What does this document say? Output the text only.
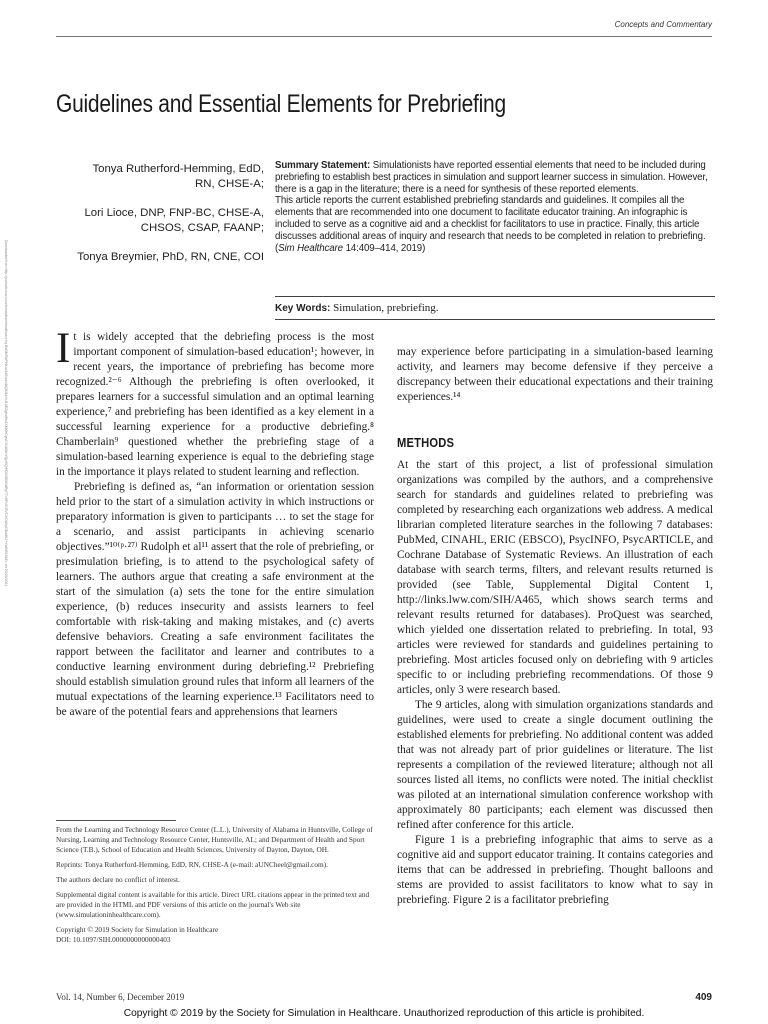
Concepts and Commentary
Guidelines and Essential Elements for Prebriefing
Tonya Rutherford-Hemming, EdD,
RN, CHSE-A;
Lori Lioce, DNP, FNP-BC, CHSE-A,
CHSOS, CSAP, FAANP;
Tonya Breymier, PhD, RN, CNE, COI

Summary Statement: Simulationists have reported essential elements that need to be included during prebriefing to establish best practices in simulation and support learner success in simulation. However, there is a gap in the literature; there is a need for synthesis of these reported elements.

This article reports the current established prebriefing standards and guidelines. It compiles all the elements that are recommended into one document to facilitate educator training. An infographic is included to serve as a cognitive aid and a checklist for facilitators to use in practice. Finally, this article discusses additional areas of inquiry and research that needs to be completed in relation to prebriefing.

(Sim Healthcare 14:409–414, 2019)

Key Words: Simulation, prebriefing.
Downloaded from http://journals.lww.com/simulationinhealthcare by BhDMf5ePHKav1zEoum1tQfN4a+kJLhEZgbsIHo4XMi0hCywCX1AWnYQp/IlQrHD3i3D0OdRyi7TvSFl4Cf3VC4/OAVpDDa8K2+Ya6H515kE= on 03/20/2021 It is widely accepted that the debriefing process is the most important component of simulation-based education¹; however, in recent years, the importance of prebriefing has become more recognized.²⁻⁶ Although the prebriefing is often overlooked, it prepares learners for a successful simulation and an optimal learning experience,⁷ and prebriefing has been identified as a key element in a successful learning experience for a productive debriefing.⁸ Chamberlain⁹ questioned whether the prebriefing stage of a simulation-based learning experience is equal to the debriefing stage in the importance it plays related to student learning and reflection.

Prebriefing is defined as, “an information or orientation session held prior to the start of a simulation activity in which instructions or preparatory information is given to participants … to set the stage for a scenario, and assist participants in achieving scenario objectives.”¹⁰⁽ᵖ·²⁷⁾ Rudolph et al¹¹ assert that the role of prebriefing, or presimulation briefing, is to attend to the psychological safety of learners. The authors argue that creating a safe environment at the start of the simulation (a) sets the tone for the entire simulation experience, (b) reduces insecurity and assists learners to feel comfortable with risk-taking and making mistakes, and (c) averts defensive behaviors. Creating a safe environment facilitates the rapport between the facilitator and learner and contributes to a conductive learning environment during debriefing.¹² Prebriefing should establish simulation ground rules that inform all learners of the mutual expectations of the learning experience.¹³ Facilitators need to be aware of the potential fears and apprehensions that learners

may experience before participating in a simulation-based learning activity, and learners may become defensive if they perceive a discrepancy between their educational expectations and their training experiences.¹⁴

METHODS

At the start of this project, a list of professional simulation organizations was compiled by the authors, and a comprehensive search for standards and guidelines related to prebriefing was completed by researching each organizations web address. A medical librarian completed literature searches in the following 7 databases: PubMed, CINAHL, ERIC (EBSCO), PsycINFO, PsycARTICLE, and Cochrane Database of Systematic Reviews. An illustration of each database with search terms, filters, and relevant results returned is provided (see Table, Supplemental Digital Content 1, http://links.lww.com/SIH/A465, which shows search terms and relevant results returned for databases). ProQuest was searched, which yielded one dissertation related to prebriefing. In total, 93 articles were reviewed for standards and guidelines pertaining to prebriefing. Most articles focused only on debriefing with 9 articles specific to or including prebriefing recommendations. Of those 9 articles, only 3 were research based.

The 9 articles, along with simulation organizations standards and guidelines, were used to create a single document outlining the established elements for prebriefing. No additional content was added that was not already part of prior guidelines or literature. The list represents a compilation of the reviewed literature; although not all sources listed all items, no conflicts were noted. The initial checklist was piloted at an international simulation conference workshop with approximately 80 participants; each element was discussed then refined after conference for this article.

Figure 1 is a prebriefing infographic that aims to serve as a cognitive aid and support educator training. It contains categories and items that can be addressed in prebriefing. Thought balloons and stems are provided to assist facilitators to know what to say in prebriefing. Figure 2 is a facilitator prebriefing

From the Learning and Technology Resource Center (L.L.), University of Alabama in Huntsville, College of Nursing, Learning and Technology Resource Center, Huntsville, AL; and Department of Health and Sport Science (T.B.), School of Education and Health Sciences, University of Dayton, Dayton, OH.

Reprints: Tonya Rutherford-Hemming, EdD, RN, CHSE-A (e-mail: aUNCheel@gmail.com).

The authors declare no conflict of interest.

Supplemental digital content is available for this article. Direct URL citations appear in the printed text and are provided in the HTML and PDF versions of this article on the journal's Web site (www.simulationinhealthcare.com).

Copyright © 2019 Society for Simulation in Healthcare

DOI: 10.1097/SIH.0000000000000403

Vol. 14, Number 6, December 2019	409
Copyright © 2019 by the Society for Simulation in Healthcare. Unauthorized reproduction of this article is prohibited.
